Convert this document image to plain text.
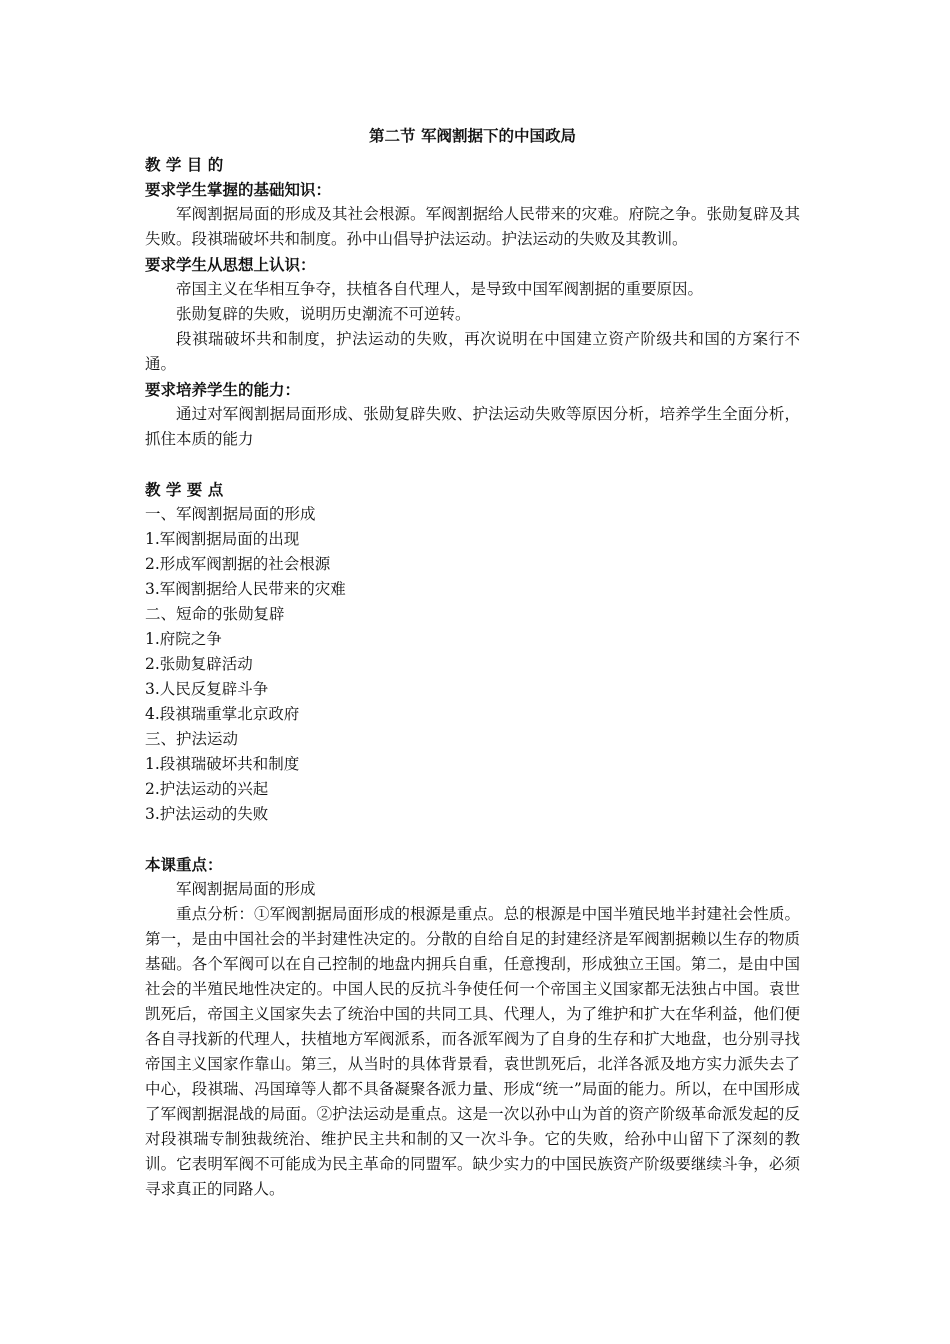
第二节 军阀割据下的中国政局
教 学 目 的
要求学生掌握的基础知识：
军阀割据局面的形成及其社会根源。军阀割据给人民带来的灾难。府院之争。张勋复辟及其失败。段祺瑞破坏共和制度。孙中山倡导护法运动。护法运动的失败及其教训。
要求学生从思想上认识：
帝国主义在华相互争夺，扶植各自代理人，是导致中国军阀割据的重要原因。
张勋复辟的失败，说明历史潮流不可逆转。
段祺瑞破坏共和制度，护法运动的失败，再次说明在中国建立资产阶级共和国的方案行不通。
要求培养学生的能力：
通过对军阀割据局面形成、张勋复辟失败、护法运动失败等原因分析，培养学生全面分析，抓住本质的能力
教 学 要 点
一、军阀割据局面的形成
1.军阀割据局面的出现
2.形成军阀割据的社会根源
3.军阀割据给人民带来的灾难
二、短命的张勋复辟
1.府院之争
2.张勋复辟活动
3.人民反复辟斗争
4.段祺瑞重掌北京政府
三、护法运动
1.段祺瑞破坏共和制度
2.护法运动的兴起
3.护法运动的失败
本课重点：
军阀割据局面的形成
重点分析：①军阀割据局面形成的根源是重点。总的根源是中国半殖民地半封建社会性质。第一，是由中国社会的半封建性决定的。分散的自给自足的封建经济是军阀割据赖以生存的物质基础。各个军阀可以在自己控制的地盘内拥兵自重，任意搜刮，形成独立王国。第二，是由中国社会的半殖民地性决定的。中国人民的反抗斗争使任何一个帝国主义国家都无法独占中国。袁世凯死后，帝国主义国家失去了统治中国的共同工具、代理人，为了维护和扩大在华利益，他们便各自寻找新的代理人，扶植地方军阀派系，而各派军阀为了自身的生存和扩大地盘，也分别寻找帝国主义国家作靠山。第三，从当时的具体背景看，袁世凯死后，北洋各派及地方实力派失去了中心，段祺瑞、冯国璋等人都不具备凝聚各派力量、形成“统一”局面的能力。所以，在中国形成了军阀割据混战的局面。②护法运动是重点。这是一次以孙中山为首的资产阶级革命派发起的反对段祺瑞专制独裁统治、维护民主共和制的又一次斗争。它的失败，给孙中山留下了深刻的教训。它表明军阀不可能成为民主革命的同盟军。缺少实力的中国民族资产阶级要继续斗争，必须寻求真正的同路人。
